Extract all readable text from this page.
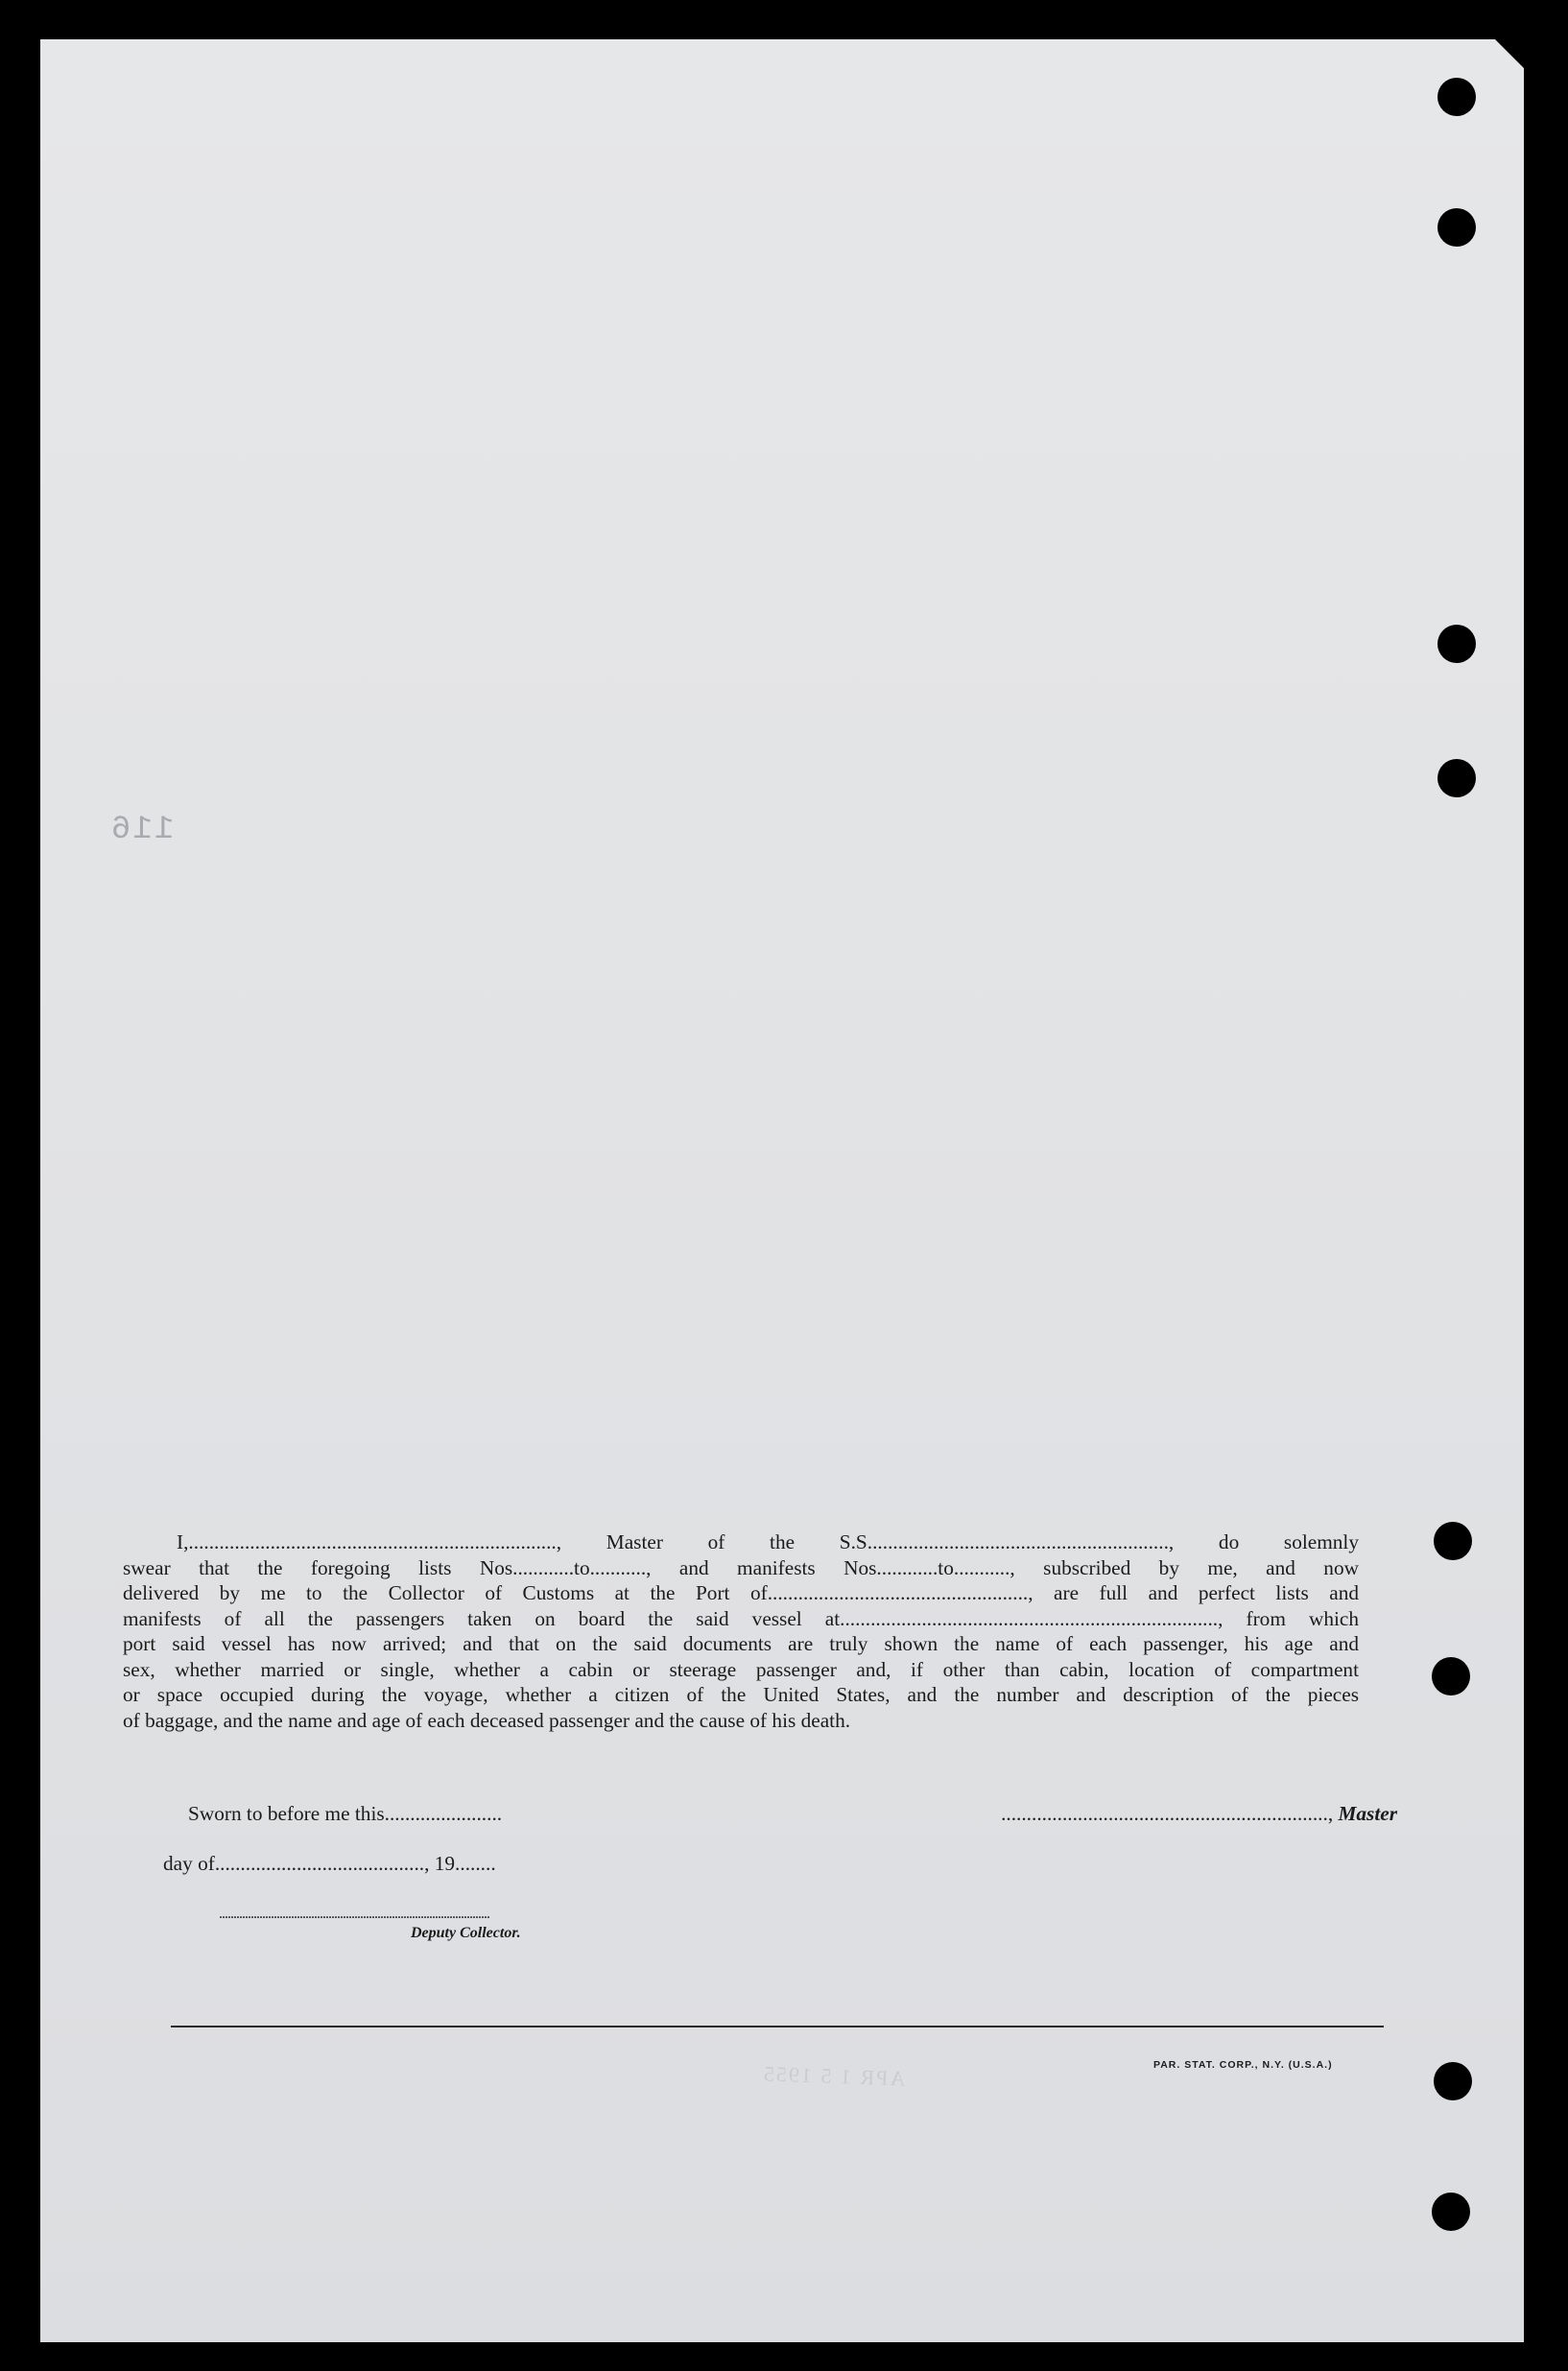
116
APR 1 5 1955

I,........................................................................, Master of the S.S..........................................................., do solemnly

swear that the foregoing lists Nos............to..........., and manifests Nos............to..........., subscribed by me, and now

delivered by me to the Collector of Customs at the Port of..................................................., are full and perfect lists and

manifests of all the passengers taken on board the said vessel at.........................................................................., from which

port said vessel has now arrived; and that on the said documents are truly shown the name of each passenger, his age and

sex, whether married or single, whether a cabin or steerage passenger and, if other than cabin, location of compartment

or space occupied during the voyage, whether a citizen of the United States, and the number and description of the pieces

of baggage, and the name and age of each deceased passenger and the cause of his death.

Sworn to before me this.......................	................................................................, Master
day of........................................., 19........
..............................................................................................
Deputy Collector.
PAR. STAT. CORP., N.Y. (U.S.A.)
